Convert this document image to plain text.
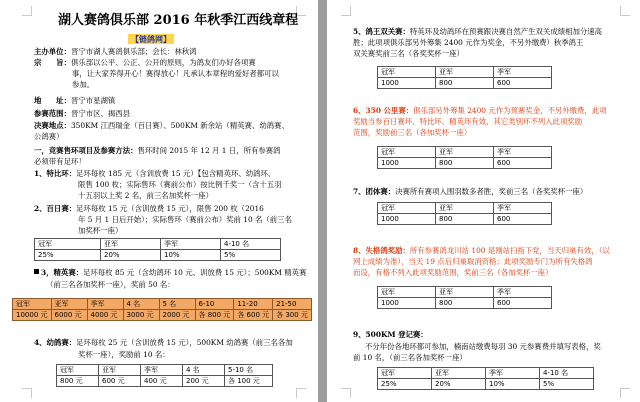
湖人赛鸽俱乐部 2016 年秋季江西线章程
【链鸽网】
主办单位：晋宁市湖人赛鸽俱乐部；会长：林秋鸿
宗　　旨：俱乐部以公平、公正、公开的原则，为鸽友们办好各项赛
事，让大家养得开心！赛得放心！凡承认本章程的爱好者都可以
参加。
地　　址：晋宁市星湖镇
参赛范围：晋宁市区、揭西县
决赛地点：350KM 江西瑞金（百日赛）、500KM 新余站（精英赛、幼鸽赛、
公鸽赛）
一，竞赛售环项目及参赛方法：售环时间 2015 年 12 月 1 日，所有参赛鸽
必须带有足环！
1、特比环：足环每枚 185 元（含训放费 15 元）【包含精英环、幼鸽环、
限售 100 枚；实际售环（赛前公布）按比例千奖一（含十五羽
十五羽以上奖 2 名，前三名加奖杯一座）
2、百日赛：足环每枚 15 元（含训放费 15 元），限售 200 枚（2016
年 5 月 1 日后开始）；实际售环（赛前公布）奖前 10 名（前三名
加奖杯一座）
冠军	亚军	季军	4-10 名
25%	20%	10%	5%
3，精英赛：足环每枚 85 元（含幼鸽环 10 元、训放费 15 元）；500KM 精英赛
（前三名各加奖杯一座），奖前 50 名：
冠军	亚军	季军	4 名	5 名	6-10	11-20	21-50
10000 元	6000 元	4000 元	3000 元	2000 元	各 800 元	各 600 元	各 300 元
4、幼鸽赛：足环每枚 25 元（含训放费 15 元），500KM 幼鸽赛（前三名各加
奖杯一座），奖励前 10 名：
冠军	亚军	季军	4 名	5-10 名
800 元	600 元	400 元	200 元	各 100 元
5、鸽王双关赛：特英环及幼鸽环在预赛跟决赛自然产生双关成绩相加分速高
胜；此项项俱乐部另外筹集 2400 元作为奖金，不另外缴费）秋季鸽王
双关赛奖前三名（各奖奖杯一座）
冠军	亚军	季军
1000	800	600
6、350 公里赛：俱乐部另外筹集 2400 元作为预赛奖金，不另外缴费，此项
奖励当参百日赛环、特比环、精英环有效，其它类别环不列入此项奖励
范围，奖励前三名（各加奖杯一座）
冠军	亚军	季军
1000	800	600
7、团体赛：决赛所有赛项入围羽数多者胜，奖前三名（各奖奖杯一座）
冠军	亚军	季军
1000	800	600
8、失格鸽奖励：所有参赛鸽龙川站 100 是刚站扫指下党，当天归巢有效，（以
网上成绩为准），当天 19 点后归巢取消资格；此项奖励专门为所有失格鸽
而设，有格不列入此项奖励范围，奖前三名（各加奖杯一座）
冠军	亚军	季军
1000	800	600
9、500KM 登记赛：
不分年份各地环都可参加，楠南站缴费每羽 30 元参赛费并填写表格，奖
前 10 名，（前三名各加奖杯一座）
冠军	亚军	季军	4-10 名
25%	20%	10%	5%
